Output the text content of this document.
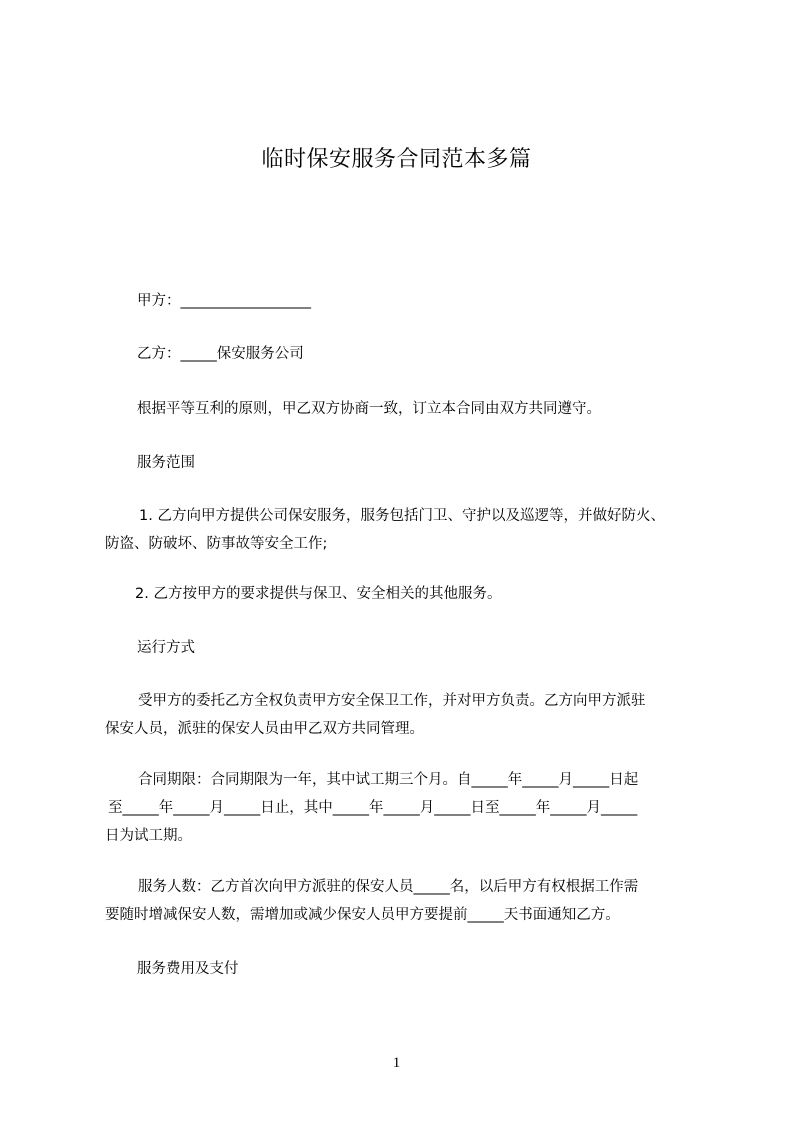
临时保安服务合同范本多篇
甲方：__________________
乙方：_____保安服务公司
根据平等互利的原则，甲乙双方协商一致，订立本合同由双方共同遵守。
服务范围
1. 乙方向甲方提供公司保安服务，服务包括门卫、守护以及巡逻等，并做好防火、
防盗、防破坏、防事故等安全工作;
2. 乙方按甲方的要求提供与保卫、安全相关的其他服务。
运行方式
受甲方的委托乙方全权负责甲方安全保卫工作，并对甲方负责。乙方向甲方派驻
保安人员，派驻的保安人员由甲乙双方共同管理。
合同期限：合同期限为一年，其中试工期三个月。自_____年_____月_____日起
至_____年_____月_____日止，其中_____年_____月_____日至_____年_____月_____
日为试工期。
服务人数：乙方首次向甲方派驻的保安人员_____名，以后甲方有权根据工作需
要随时增减保安人数，需增加或减少保安人员甲方要提前_____天书面通知乙方。
服务费用及支付
1
